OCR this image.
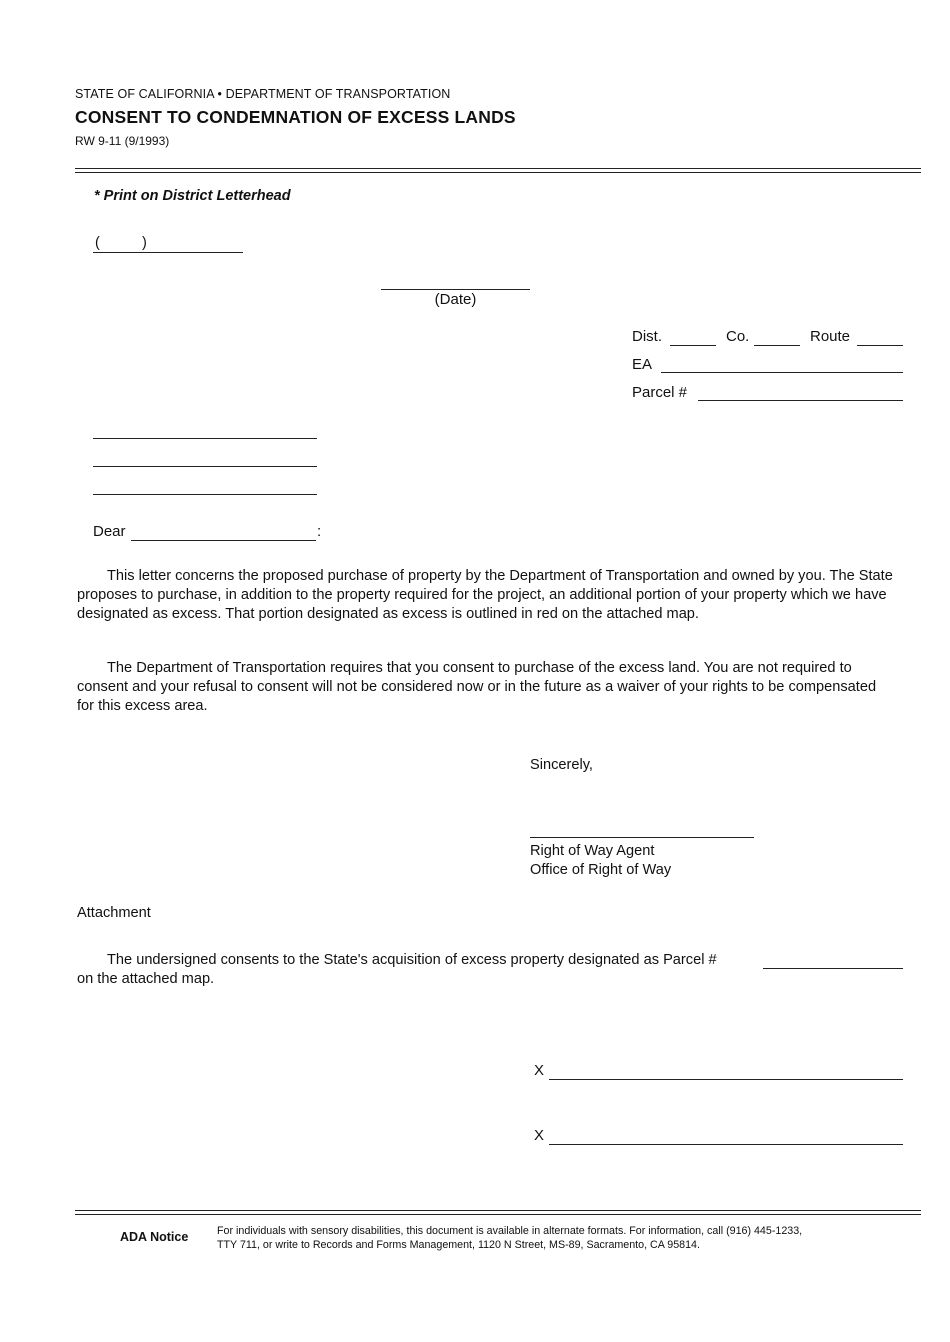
STATE OF CALIFORNIA • DEPARTMENT OF TRANSPORTATION
CONSENT TO CONDEMNATION OF EXCESS LANDS
RW 9-11 (9/1993)
* Print on District Letterhead
(	)
(Date)
Dist.	Co.	Route
EA
Parcel #
Dear	:
This letter concerns the proposed purchase of property by the Department of Transportation and owned by you. The State proposes to purchase, in addition to the property required for the project, an additional portion of your property which we have designated as excess. That portion designated as excess is outlined in red on the attached map.
The Department of Transportation requires that you consent to purchase of the excess land. You are not required to consent and your refusal to consent will not be considered now or in the future as a waiver of your rights to be compensated for this excess area.
Sincerely,
Right of Way Agent
Office of Right of Way
Attachment
The undersigned consents to the State's acquisition of excess property designated as Parcel #
on the attached map.
X
X
ADA Notice	For individuals with sensory disabilities, this document is available in alternate formats. For information, call (916) 445-1233,
TTY 711, or write to Records and Forms Management, 1120 N Street, MS-89, Sacramento, CA 95814.
